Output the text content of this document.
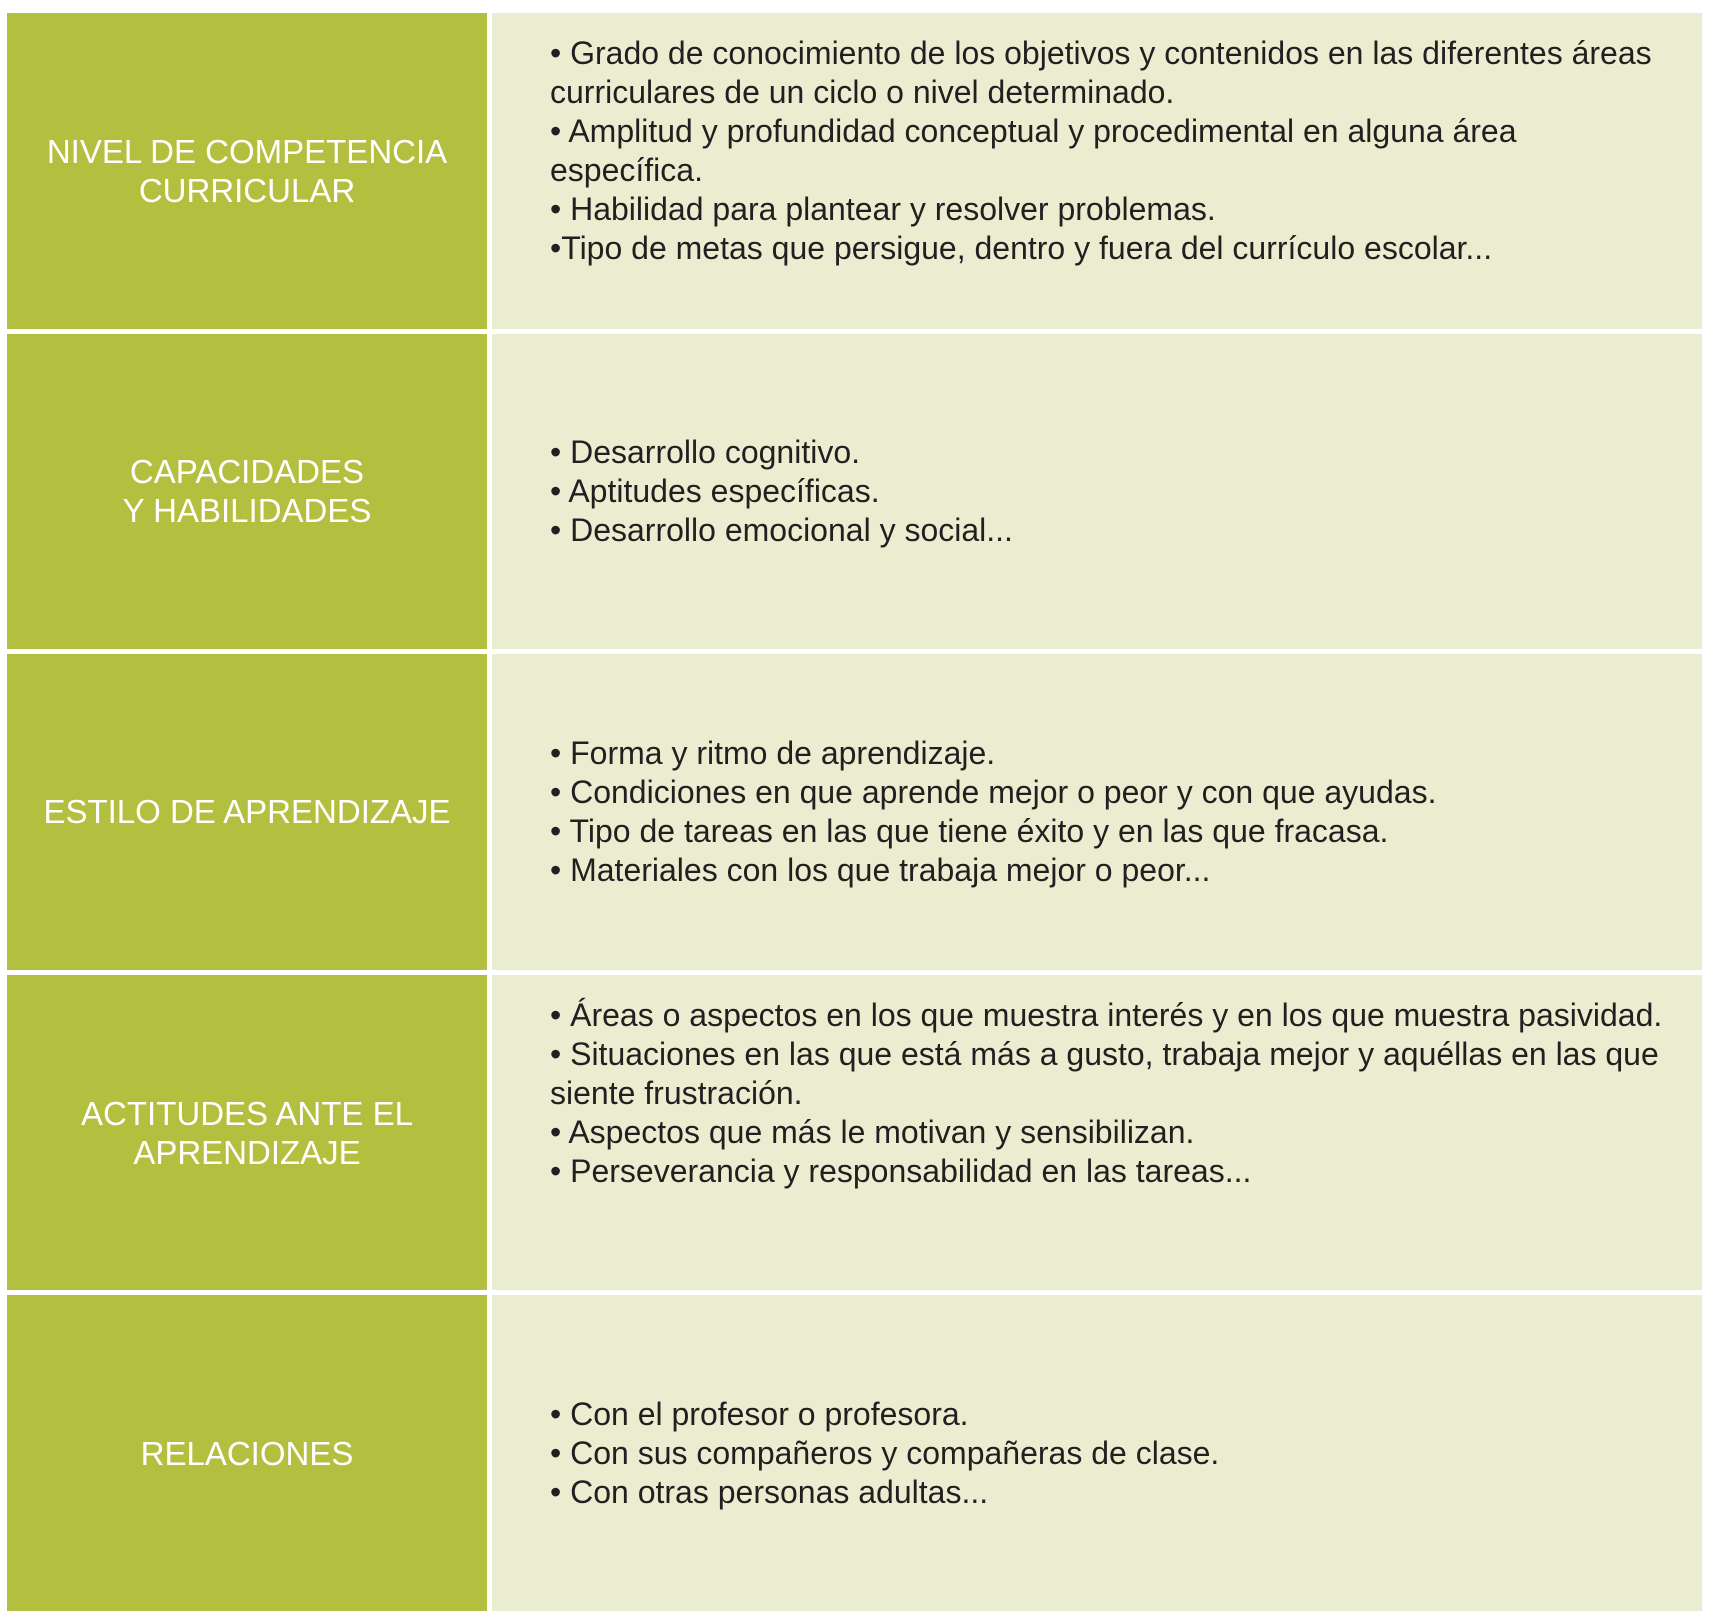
NIVEL DE COMPETENCIA
CURRICULAR

• Grado de conocimiento de los objetivos y contenidos en las diferentes áreas curriculares de un ciclo o nivel determinado.

• Amplitud y profundidad conceptual y procedimental en alguna área específica.

• Habilidad para plantear y resolver problemas.

•Tipo de metas que persigue, dentro y fuera del currículo escolar...

CAPACIDADES
Y HABILIDADES

• Desarrollo cognitivo.

• Aptitudes específicas.

• Desarrollo emocional y social...

ESTILO DE APRENDIZAJE

• Forma y ritmo de aprendizaje.

• Condiciones en que aprende mejor o peor y con que ayudas.

• Tipo de tareas en las que tiene éxito y en las que fracasa.

• Materiales con los que trabaja mejor o peor...

ACTITUDES ANTE EL
APRENDIZAJE

• Áreas o aspectos en los que muestra interés y en los que muestra pasividad.

• Situaciones en las que está más a gusto, trabaja mejor y aquéllas en las que siente frustración.

• Aspectos que más le motivan y sensibilizan.

• Perseverancia y responsabilidad en las tareas...

RELACIONES

• Con el profesor o profesora.

• Con sus compañeros y compañeras de clase.

• Con otras personas adultas...
